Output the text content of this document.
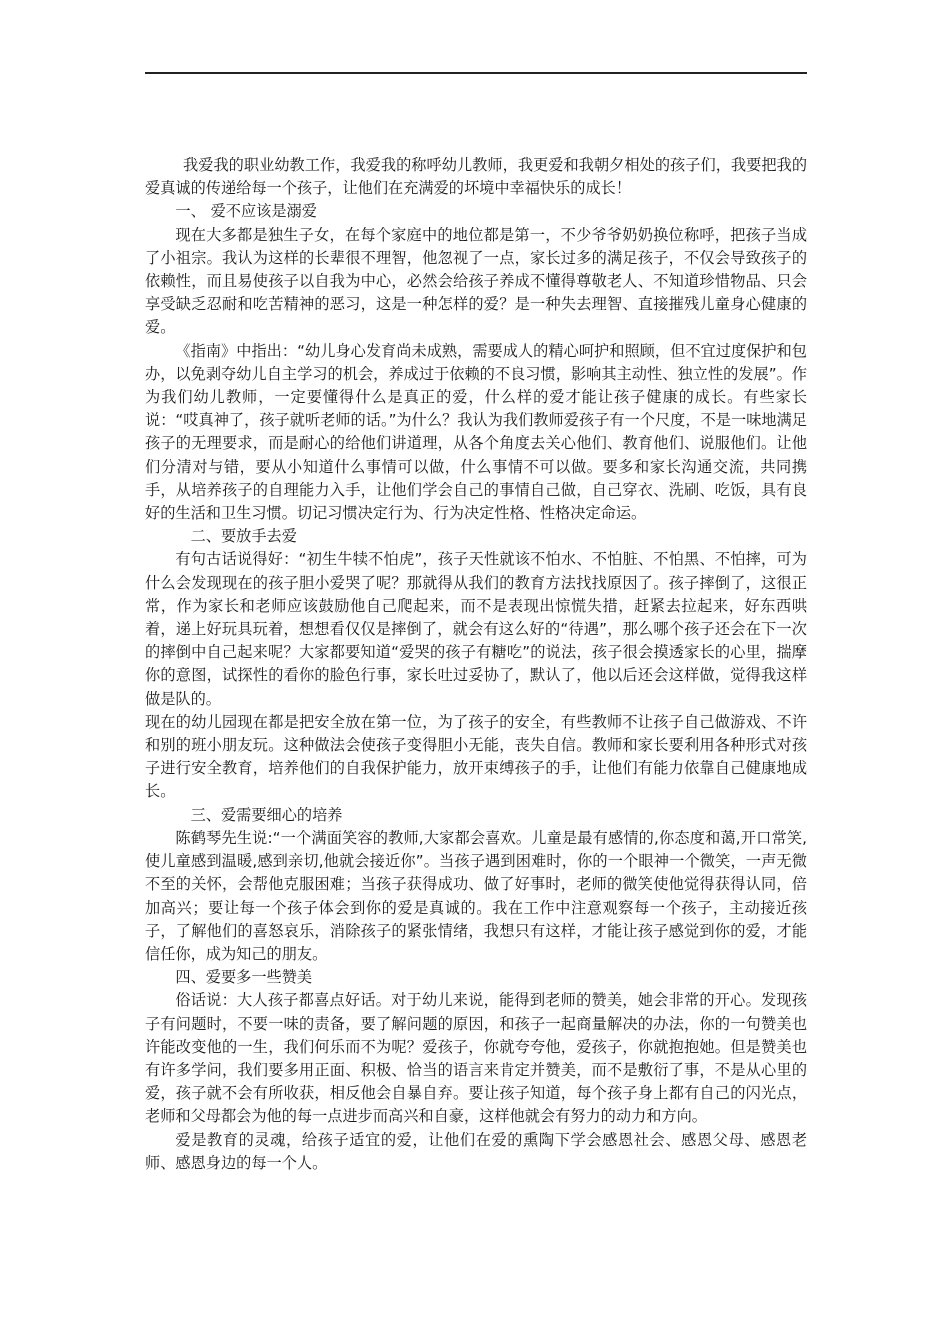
我爱我的职业幼教工作，我爱我的称呼幼儿教师，我更爱和我朝夕相处的孩子们，我要把我的爱真诚的传递给每一个孩子，让他们在充满爱的坏境中幸福快乐的成长！

一、 爱不应该是溺爱

现在大多都是独生子女，在每个家庭中的地位都是第一，不少爷爷奶奶换位称呼，把孩子当成了小祖宗。我认为这样的长辈很不理智，他忽视了一点，家长过多的满足孩子，不仅会导致孩子的依赖性，而且易使孩子以自我为中心，必然会给孩子养成不懂得尊敬老人、不知道珍惜物品、只会享受缺乏忍耐和吃苦精神的恶习，这是一种怎样的爱？是一种失去理智、直接摧残儿童身心健康的爱。

《指南》中指出：“幼儿身心发育尚未成熟，需要成人的精心呵护和照顾，但不宜过度保护和包办，以免剥夺幼儿自主学习的机会，养成过于依赖的不良习惯，影响其主动性、独立性的发展”。作为我们幼儿教师，一定要懂得什么是真正的爱，什么样的爱才能让孩子健康的成长。有些家长说：“哎真神了，孩子就听老师的话。”为什么？我认为我们教师爱孩子有一个尺度，不是一味地满足孩子的无理要求，而是耐心的给他们讲道理，从各个角度去关心他们、教育他们、说服他们。让他们分清对与错，要从小知道什么事情可以做，什么事情不可以做。要多和家长沟通交流，共同携手，从培养孩子的自理能力入手，让他们学会自己的事情自己做，自己穿衣、洗刷、吃饭，具有良好的生活和卫生习惯。切记习惯决定行为、行为决定性格、性格决定命运。

二、要放手去爱

有句古话说得好：“初生牛犊不怕虎”，孩子天性就该不怕水、不怕脏、不怕黑、不怕摔，可为什么会发现现在的孩子胆小爱哭了呢？那就得从我们的教育方法找找原因了。孩子摔倒了，这很正常，作为家长和老师应该鼓励他自己爬起来，而不是表现出惊慌失措，赶紧去拉起来，好东西哄着，递上好玩具玩着，想想看仅仅是摔倒了，就会有这么好的“待遇”，那么哪个孩子还会在下一次的摔倒中自己起来呢？大家都要知道“爱哭的孩子有糖吃”的说法，孩子很会摸透家长的心里，揣摩你的意图，试探性的看你的脸色行事，家长吐过妥协了，默认了，他以后还会这样做，觉得我这样做是队的。

现在的幼儿园现在都是把安全放在第一位，为了孩子的安全，有些教师不让孩子自己做游戏、不许和别的班小朋友玩。这种做法会使孩子变得胆小无能，丧失自信。教师和家长要利用各种形式对孩子进行安全教育，培养他们的自我保护能力，放开束缚孩子的手，让他们有能力依靠自己健康地成长。

三、爱需要细心的培养

陈鹤琴先生说:“一个满面笑容的教师,大家都会喜欢。儿童是最有感情的,你态度和蔼,开口常笑,使儿童感到温暖,感到亲切,他就会接近你”。当孩子遇到困难时，你的一个眼神一个微笑，一声无微不至的关怀，会帮他克服困难；当孩子获得成功、做了好事时，老师的微笑使他觉得获得认同，倍加高兴；要让每一个孩子体会到你的爱是真诚的。我在工作中注意观察每一个孩子，主动接近孩子，了解他们的喜怒哀乐，消除孩子的紧张情绪，我想只有这样，才能让孩子感觉到你的爱，才能信任你，成为知己的朋友。

四、爱要多一些赞美

俗话说：大人孩子都喜点好话。对于幼儿来说，能得到老师的赞美，她会非常的开心。发现孩子有问题时，不要一味的责备，要了解问题的原因，和孩子一起商量解决的办法，你的一句赞美也许能改变他的一生，我们何乐而不为呢？爱孩子，你就夸夸他，爱孩子，你就抱抱她。但是赞美也有许多学问，我们要多用正面、积极、恰当的语言来肯定并赞美，而不是敷衍了事，不是从心里的爱，孩子就不会有所收获，相反他会自暴自弃。要让孩子知道，每个孩子身上都有自己的闪光点，老师和父母都会为他的每一点进步而高兴和自豪，这样他就会有努力的动力和方向。

爱是教育的灵魂，给孩子适宜的爱，让他们在爱的熏陶下学会感恩社会、感恩父母、感恩老师、感恩身边的每一个人。
